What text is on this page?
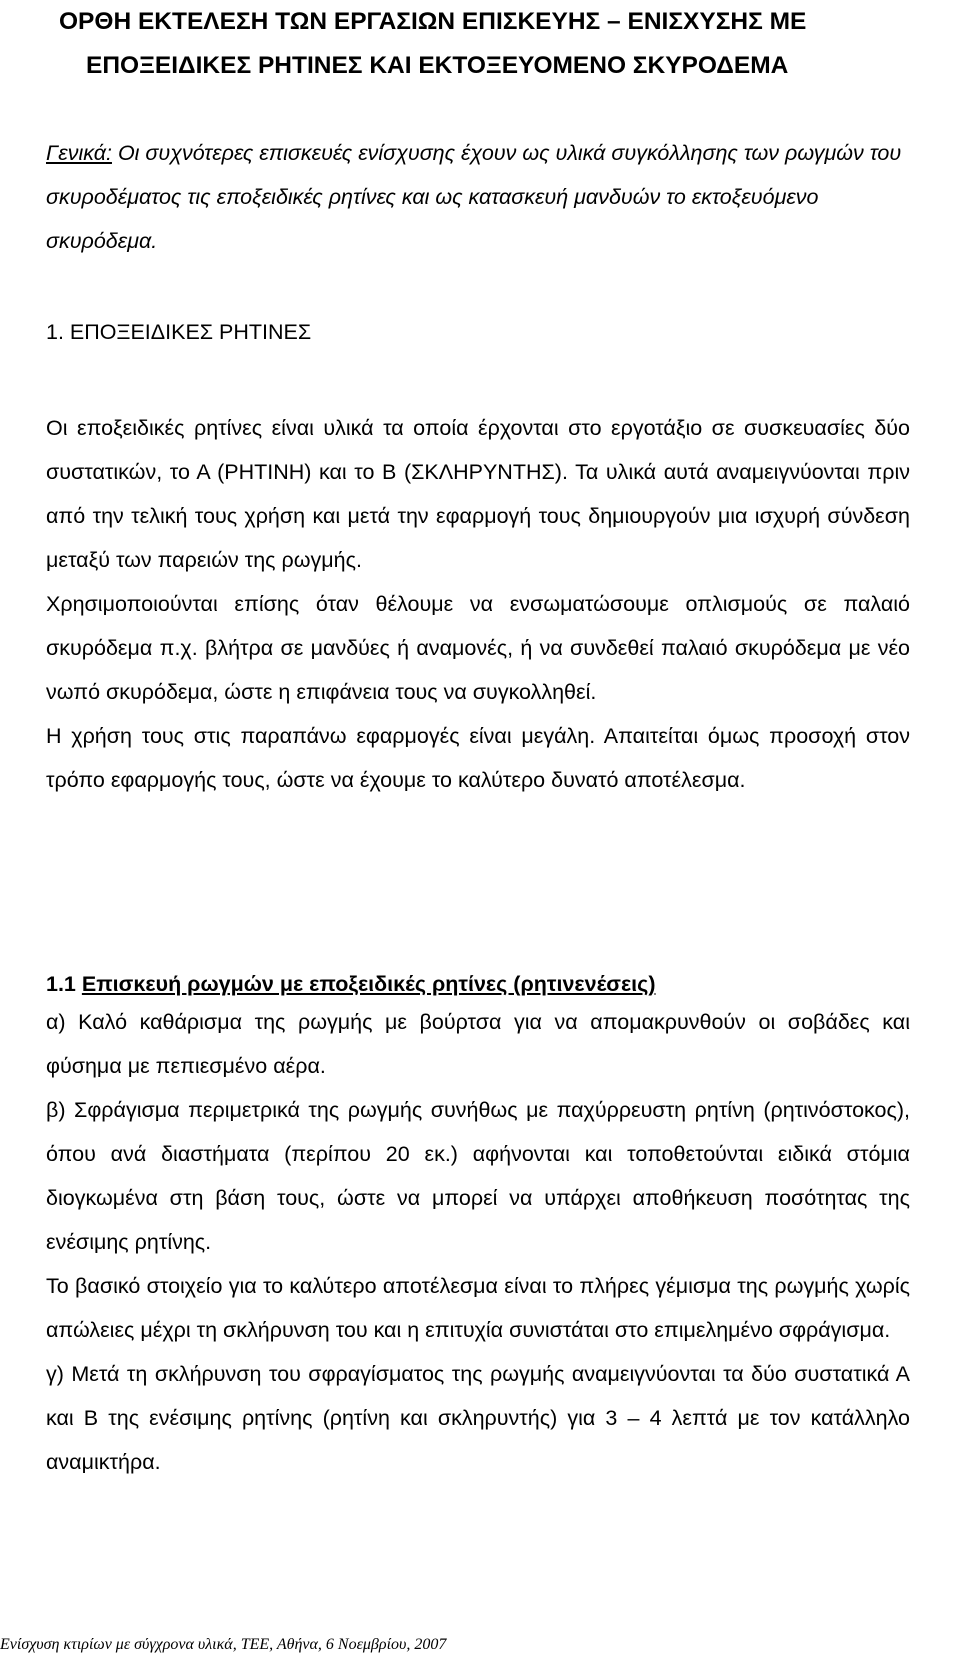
ΟΡΘΗ ΕΚΤΕΛΕΣΗ ΤΩΝ ΕΡΓΑΣΙΩΝ ΕΠΙΣΚΕΥΗΣ – ΕΝΙΣΧΥΣΗΣ ΜΕ
ΕΠΟΞΕΙΔΙΚΕΣ ΡΗΤΙΝΕΣ ΚΑΙ ΕΚΤΟΞΕΥΟΜΕΝΟ ΣΚΥΡΟΔΕΜΑ
Γενικά: Οι συχνότερες επισκευές ενίσχυσης έχουν ως υλικά συγκόλλησης των ρωγμών του σκυροδέματος τις εποξειδικές ρητίνες και ως κατασκευή μανδυών το εκτοξευόμενο σκυρόδεμα.
1. ΕΠΟΞΕΙΔΙΚΕΣ ΡΗΤΙΝΕΣ

Οι εποξειδικές ρητίνες είναι υλικά τα οποία έρχονται στο εργοτάξιο σε συσκευασίες δύο συστατικών, το Α (ΡΗΤΙΝΗ) και το Β (ΣΚΛΗΡΥΝΤΗΣ). Τα υλικά αυτά αναμειγνύονται πριν από την τελική τους χρήση και μετά την εφαρμογή τους δημιουργούν μια ισχυρή σύνδεση μεταξύ των παρειών της ρωγμής.

Χρησιμοποιούνται επίσης όταν θέλουμε να ενσωματώσουμε οπλισμούς σε παλαιό σκυρόδεμα π.χ. βλήτρα σε μανδύες ή αναμονές, ή να συνδεθεί παλαιό σκυρόδεμα με νέο νωπό σκυρόδεμα, ώστε η επιφάνεια τους να συγκολληθεί.

Η χρήση τους στις παραπάνω εφαρμογές είναι μεγάλη. Απαιτείται όμως προσοχή στον τρόπο εφαρμογής τους, ώστε να έχουμε το καλύτερο δυνατό αποτέλεσμα.

1.1 Επισκευή ρωγμών με εποξειδικές ρητίνες (ρητινενέσεις)

α) Καλό καθάρισμα της ρωγμής με βούρτσα για να απομακρυνθούν οι σοβάδες και φύσημα με πεπιεσμένο αέρα.

β) Σφράγισμα περιμετρικά της ρωγμής συνήθως με παχύρρευστη ρητίνη (ρητινόστοκος), όπου ανά διαστήματα (περίπου 20 εκ.) αφήνονται και τοποθετούνται ειδικά στόμια διογκωμένα στη βάση τους, ώστε να μπορεί να υπάρχει αποθήκευση ποσότητας της ενέσιμης ρητίνης.

Το βασικό στοιχείο για το καλύτερο αποτέλεσμα είναι το πλήρες γέμισμα της ρωγμής χωρίς απώλειες μέχρι τη σκλήρυνση του και η επιτυχία συνιστάται στο επιμελημένο σφράγισμα.

γ) Μετά τη σκλήρυνση του σφραγίσματος της ρωγμής αναμειγνύονται τα δύο συστατικά Α και Β της ενέσιμης ρητίνης (ρητίνη και σκληρυντής) για 3 – 4 λεπτά με τον κατάλληλο αναμικτήρα.

Ενίσχυση κτιρίων με σύγχρονα υλικά, ΤΕΕ, Αθήνα, 6 Νοεμβρίου, 2007
